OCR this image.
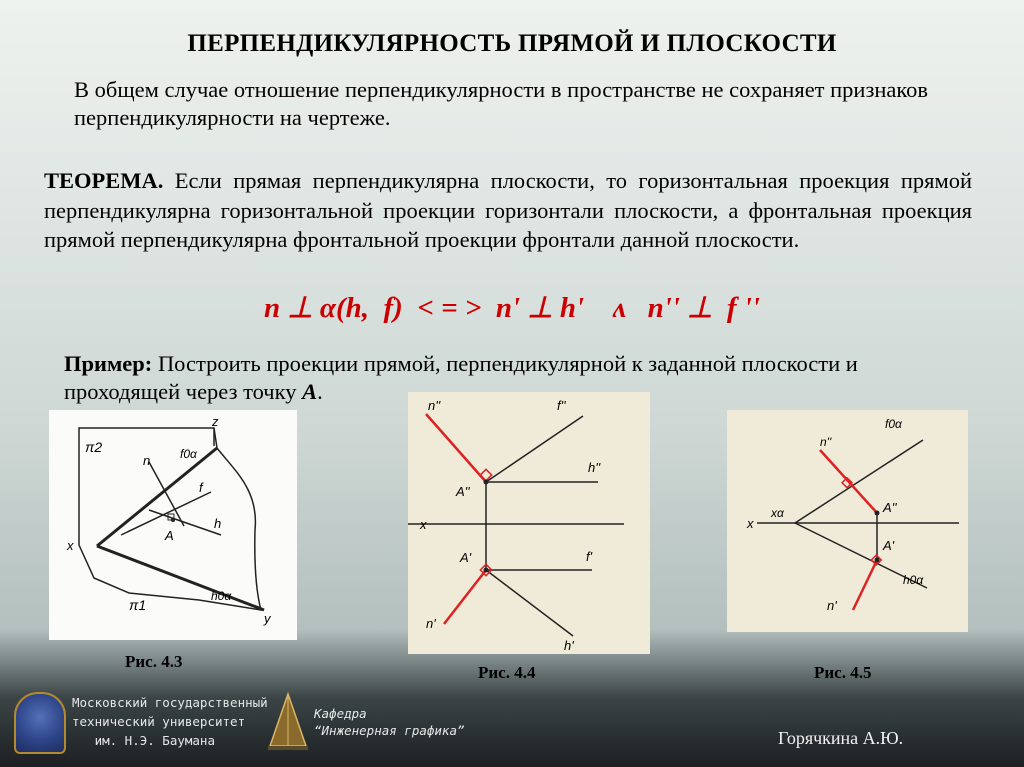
ПЕРПЕНДИКУЛЯРНОСТЬ ПРЯМОЙ И ПЛОСКОСТИ
В общем случае отношение перпендикулярности в пространстве не сохраняет признаков перпендикулярности на чертеже.
ТЕОРЕМА. Если прямая перпендикулярна плоскости, то горизонтальная проекция прямой перпендикулярна горизонтальной проекции горизонтали плоскости, а фронтальная проекция прямой перпендикулярна фронтальной проекции фронтали данной плоскости.
n ⊥ α(h,  f)  < = >  n' ⊥ h'    ʌ   n'' ⊥  f ''
Пример: Построить проекции прямой, перпендикулярной к заданной плоскости и проходящей через точку A.
z
π2
n f0α
f
h
A
x
π1
h0α
y
Рис. 4.3
n''	f''
h''
A''
x
A'	f'
n'
h'
Рис. 4.4
n''
f0α
x
xα	A''
A'
h0α
n'
Рис. 4.5
Московский государственный
технический университет
им. Н.Э. Баумана
Кафедра
“Инженерная графика”	Горячкина А.Ю.
